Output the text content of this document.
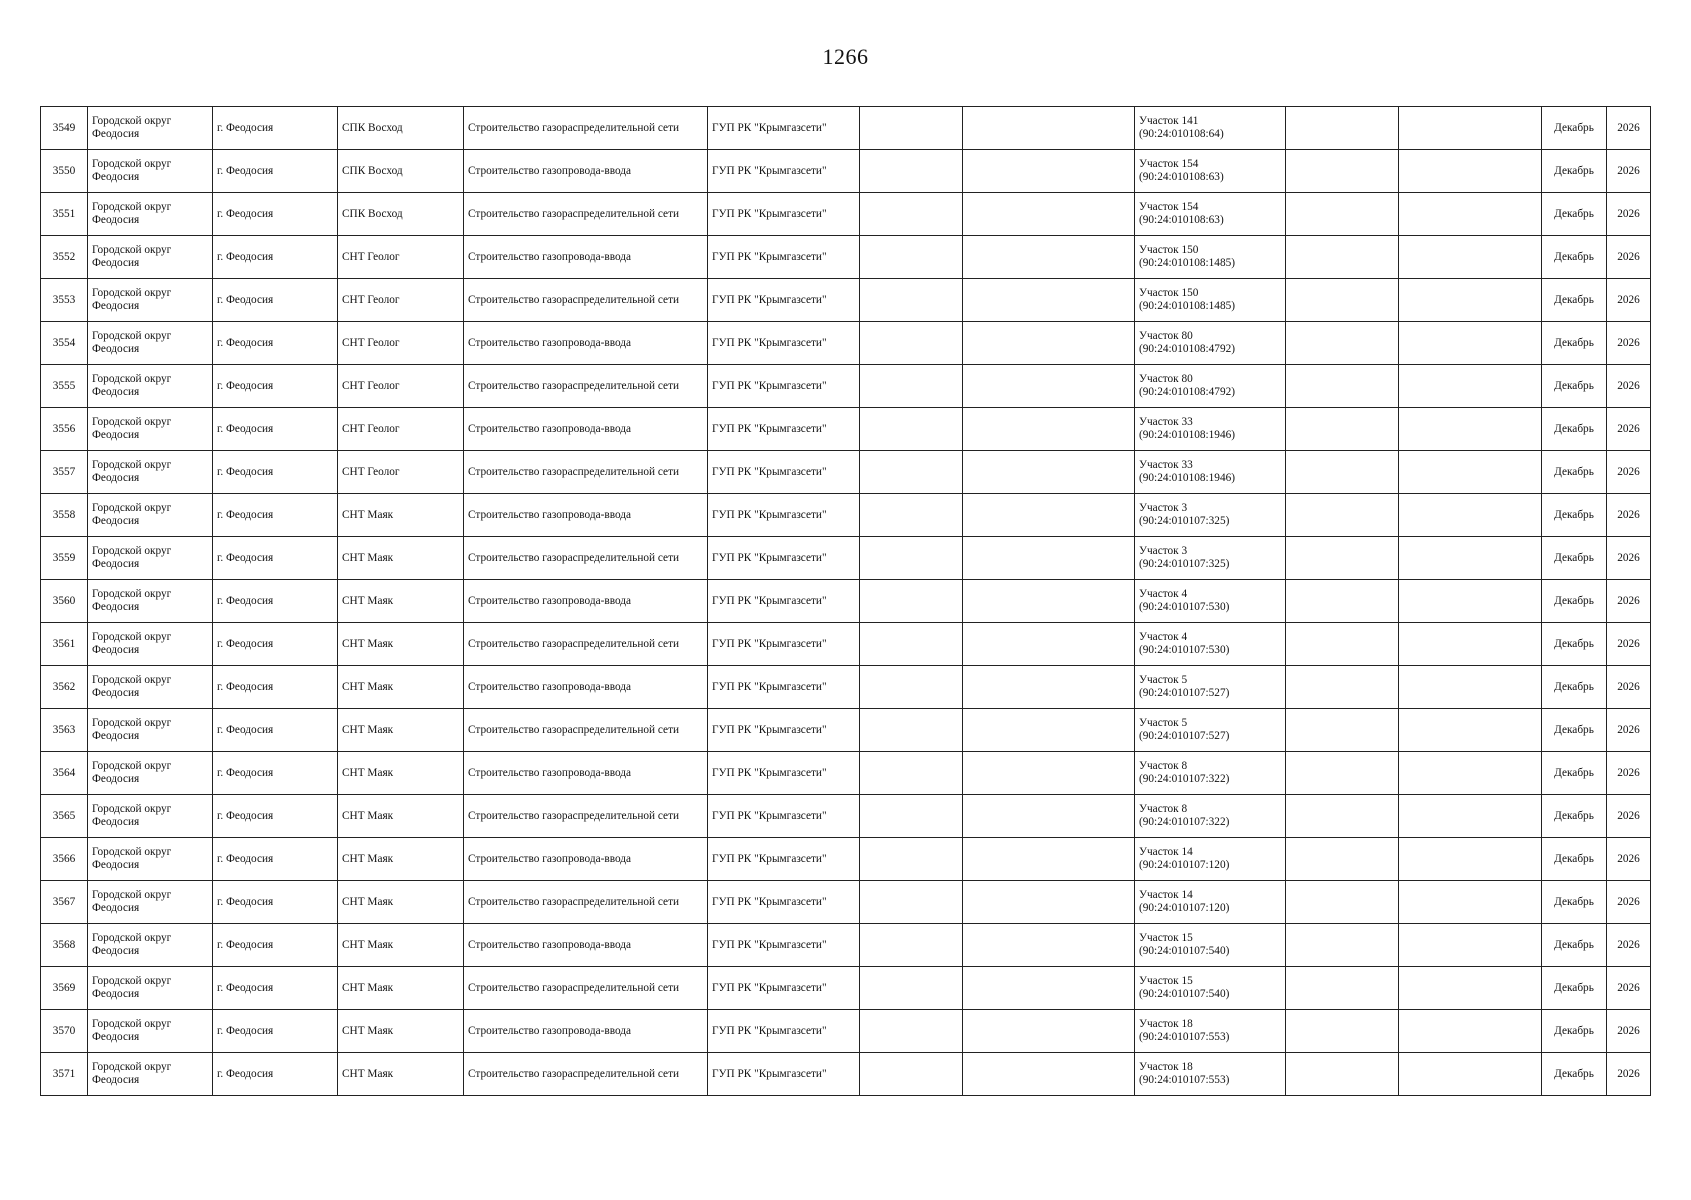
1266
3549	Городской округ Феодосия	г. Феодосия	СПК Восход	Строительство газораспределительной сети	ГУП РК "Крымгазсети"			Участок 141
(90:24:010108:64)			Декабрь	2026
3550	Городской округ Феодосия	г. Феодосия	СПК Восход	Строительство газопровода-ввода	ГУП РК "Крымгазсети"			Участок 154
(90:24:010108:63)			Декабрь	2026
3551	Городской округ Феодосия	г. Феодосия	СПК Восход	Строительство газораспределительной сети	ГУП РК "Крымгазсети"			Участок 154
(90:24:010108:63)			Декабрь	2026
3552	Городской округ Феодосия	г. Феодосия	СНТ Геолог	Строительство газопровода-ввода	ГУП РК "Крымгазсети"			Участок 150
(90:24:010108:1485)			Декабрь	2026
3553	Городской округ Феодосия	г. Феодосия	СНТ Геолог	Строительство газораспределительной сети	ГУП РК "Крымгазсети"			Участок 150
(90:24:010108:1485)			Декабрь	2026
3554	Городской округ Феодосия	г. Феодосия	СНТ Геолог	Строительство газопровода-ввода	ГУП РК "Крымгазсети"			Участок 80
(90:24:010108:4792)			Декабрь	2026
3555	Городской округ Феодосия	г. Феодосия	СНТ Геолог	Строительство газораспределительной сети	ГУП РК "Крымгазсети"			Участок 80
(90:24:010108:4792)			Декабрь	2026
3556	Городской округ Феодосия	г. Феодосия	СНТ Геолог	Строительство газопровода-ввода	ГУП РК "Крымгазсети"			Участок 33
(90:24:010108:1946)			Декабрь	2026
3557	Городской округ Феодосия	г. Феодосия	СНТ Геолог	Строительство газораспределительной сети	ГУП РК "Крымгазсети"			Участок 33
(90:24:010108:1946)			Декабрь	2026
3558	Городской округ Феодосия	г. Феодосия	СНТ Маяк	Строительство газопровода-ввода	ГУП РК "Крымгазсети"			Участок 3
(90:24:010107:325)			Декабрь	2026
3559	Городской округ Феодосия	г. Феодосия	СНТ Маяк	Строительство газораспределительной сети	ГУП РК "Крымгазсети"			Участок 3
(90:24:010107:325)			Декабрь	2026
3560	Городской округ Феодосия	г. Феодосия	СНТ Маяк	Строительство газопровода-ввода	ГУП РК "Крымгазсети"			Участок 4
(90:24:010107:530)			Декабрь	2026
3561	Городской округ Феодосия	г. Феодосия	СНТ Маяк	Строительство газораспределительной сети	ГУП РК "Крымгазсети"			Участок 4
(90:24:010107:530)			Декабрь	2026
3562	Городской округ Феодосия	г. Феодосия	СНТ Маяк	Строительство газопровода-ввода	ГУП РК "Крымгазсети"			Участок 5
(90:24:010107:527)			Декабрь	2026
3563	Городской округ Феодосия	г. Феодосия	СНТ Маяк	Строительство газораспределительной сети	ГУП РК "Крымгазсети"			Участок 5
(90:24:010107:527)			Декабрь	2026
3564	Городской округ Феодосия	г. Феодосия	СНТ Маяк	Строительство газопровода-ввода	ГУП РК "Крымгазсети"			Участок 8
(90:24:010107:322)			Декабрь	2026
3565	Городской округ Феодосия	г. Феодосия	СНТ Маяк	Строительство газораспределительной сети	ГУП РК "Крымгазсети"			Участок 8
(90:24:010107:322)			Декабрь	2026
3566	Городской округ Феодосия	г. Феодосия	СНТ Маяк	Строительство газопровода-ввода	ГУП РК "Крымгазсети"			Участок 14
(90:24:010107:120)			Декабрь	2026
3567	Городской округ Феодосия	г. Феодосия	СНТ Маяк	Строительство газораспределительной сети	ГУП РК "Крымгазсети"			Участок 14
(90:24:010107:120)			Декабрь	2026
3568	Городской округ Феодосия	г. Феодосия	СНТ Маяк	Строительство газопровода-ввода	ГУП РК "Крымгазсети"			Участок 15
(90:24:010107:540)			Декабрь	2026
3569	Городской округ Феодосия	г. Феодосия	СНТ Маяк	Строительство газораспределительной сети	ГУП РК "Крымгазсети"			Участок 15
(90:24:010107:540)			Декабрь	2026
3570	Городской округ Феодосия	г. Феодосия	СНТ Маяк	Строительство газопровода-ввода	ГУП РК "Крымгазсети"			Участок 18
(90:24:010107:553)			Декабрь	2026
3571	Городской округ Феодосия	г. Феодосия	СНТ Маяк	Строительство газораспределительной сети	ГУП РК "Крымгазсети"			Участок 18
(90:24:010107:553)			Декабрь	2026
